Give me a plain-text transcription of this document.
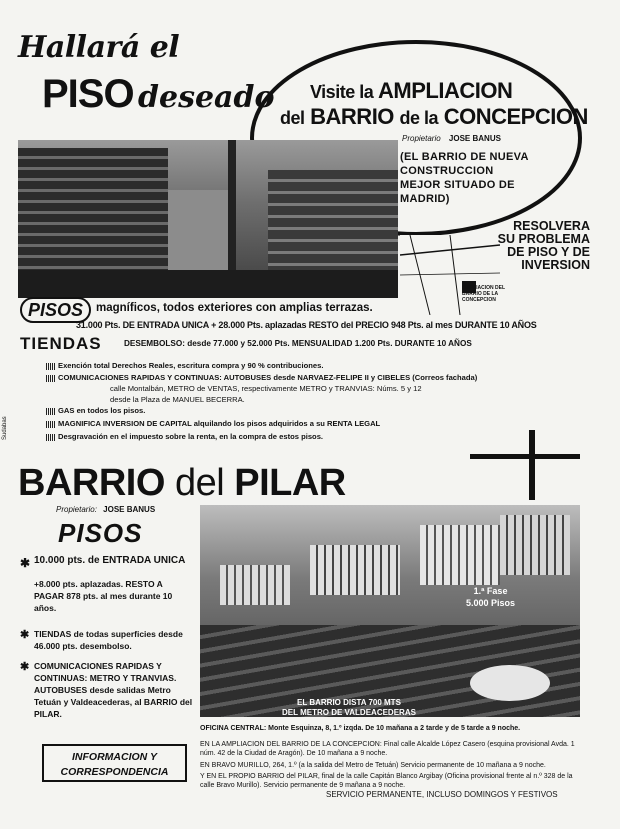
Hallará el
PISO deseado Visite la AMPLIACION
del BARRIO de la CONCEPCION
Propietario JOSE BANUS
(EL BARRIO DE NUEVA CONSTRUCCION MEJOR SITUADO DE MADRID)
AMPLIACION DEL BARRIO DE LA CONCEPCION
RESOLVERA
SU PROBLEMA
DE PISO Y DE
INVERSION
PISOS	magníficos, todos exteriores con amplias terrazas.
31.000 Pts. DE ENTRADA UNICA + 28.000 Pts. aplazadas RESTO del PRECIO 948 Pts. al mes DURANTE 10 AÑOS
TIENDAS	DESEMBOLSO: desde 77.000 y 52.000 Pts. MENSUALIDAD 1.200 Pts. DURANTE 10 AÑOS
Exención total Derechos Reales, escritura compra y 90 % contribuciones.
COMUNICACIONES RAPIDAS Y CONTINUAS: AUTOBUSES desde NARVAEZ-FELIPE II y CIBELES (Correos fachada)
calle Montalbán, METRO de VENTAS, respectivamente METRO y TRANVIAS: Núms. 5 y 12
desde la Plaza de MANUEL BECERRA.
GAS en todos los pisos.
MAGNIFICA INVERSION DE CAPITAL alquilando los pisos adquiridos a su RENTA LEGAL
Desgravación en el impuesto sobre la renta, en la compra de estos pisos.
Sudabas
BARRIO del PILAR
Propietario: JOSE BANUS
PISOS
✱ 10.000 pts. de ENTRADA UNICA
+8.000 pts. aplazadas. RESTO A PAGAR 878 pts. al mes durante 10 años.
✱ TIENDAS de todas superficies desde 46.000 pts. desembolso.
✱ COMUNICACIONES RAPIDAS Y CONTINUAS: METRO Y TRANVIAS. AUTOBUSES desde salidas Metro Tetuán y Valdeacederas, al BARRIO del PILAR.
1.ª Fase
5.000 Pisos
EL BARRIO DISTA 700 MTS
DEL METRO DE VALDEACEDERAS
INFORMACION Y
CORRESPONDENCIA
OFICINA CENTRAL: Monte Esquinza, 8, 1.º izqda. De 10 mañana a 2 tarde y de 5 tarde a 9 noche.
EN LA AMPLIACION DEL BARRIO DE LA CONCEPCION: Final calle Alcalde López Casero (esquina provisional Avda. 1 núm. 42 de la Ciudad de Aragón). De 10 mañana a 9 noche.
EN BRAVO MURILLO, 264, 1.º (a la salida del Metro de Tetuán) Servicio permanente de 10 mañana a 9 noche.
Y EN EL PROPIO BARRIO del PILAR, final de la calle Capitán Blanco Argibay (Oficina provisional frente al n.º 328 de la calle Bravo Murillo). Servicio permanente de 9 mañana a 9 noche.
SERVICIO PERMANENTE, INCLUSO DOMINGOS Y FESTIVOS
